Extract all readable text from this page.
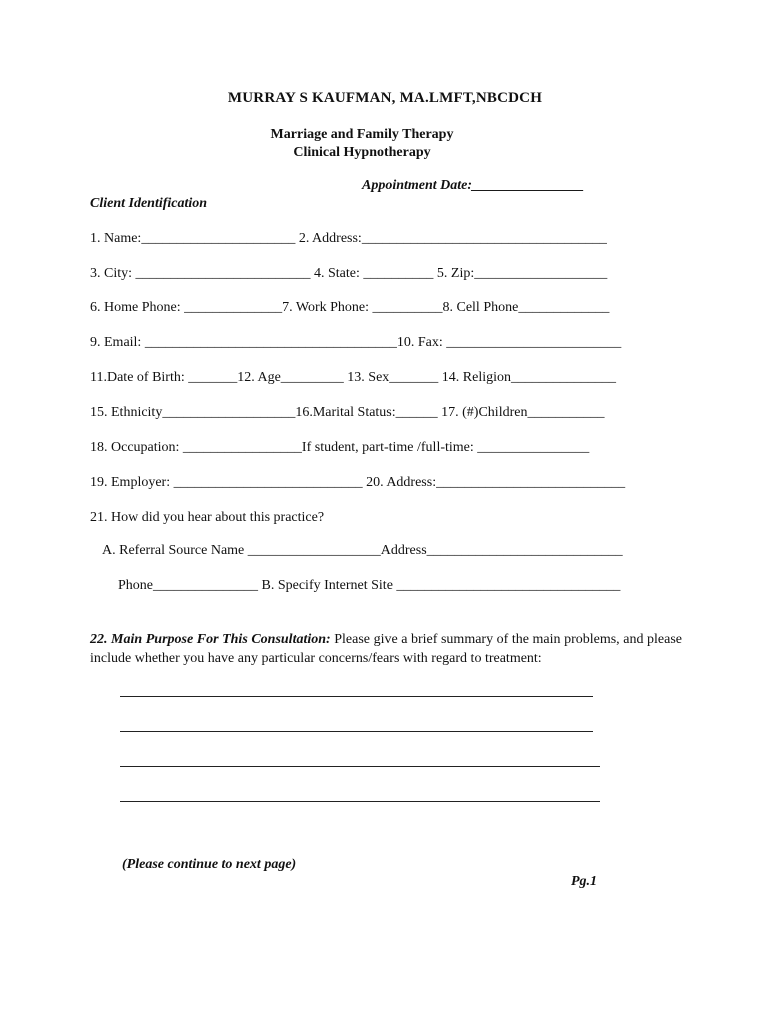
MURRAY S KAUFMAN, MA.LMFT,NBCDCH
Marriage and Family Therapy
Clinical Hypnotherapy
Appointment Date:________________
Client Identification
1. Name:______________________ 2. Address:___________________________________
3. City: _________________________ 4. State: __________ 5. Zip:___________________
6. Home Phone: ______________7. Work Phone: __________8. Cell Phone_____________
9. Email: ____________________________________10. Fax: _________________________
11.Date of Birth: _______12. Age_________ 13. Sex_______ 14. Religion_______________
15. Ethnicity___________________16.Marital Status:______ 17. (#)Children___________
18. Occupation: _________________If student, part-time /full-time: ________________
19. Employer: ___________________________ 20. Address:___________________________
21. How did you hear about this practice?
A. Referral Source Name ___________________Address____________________________
Phone_______________ B. Specify Internet Site ________________________________
22. Main Purpose For This Consultation: Please give a brief summary of the main problems, and please include whether you have any particular concerns/fears with regard to treatment:
(Please continue to next page)
Pg.1
